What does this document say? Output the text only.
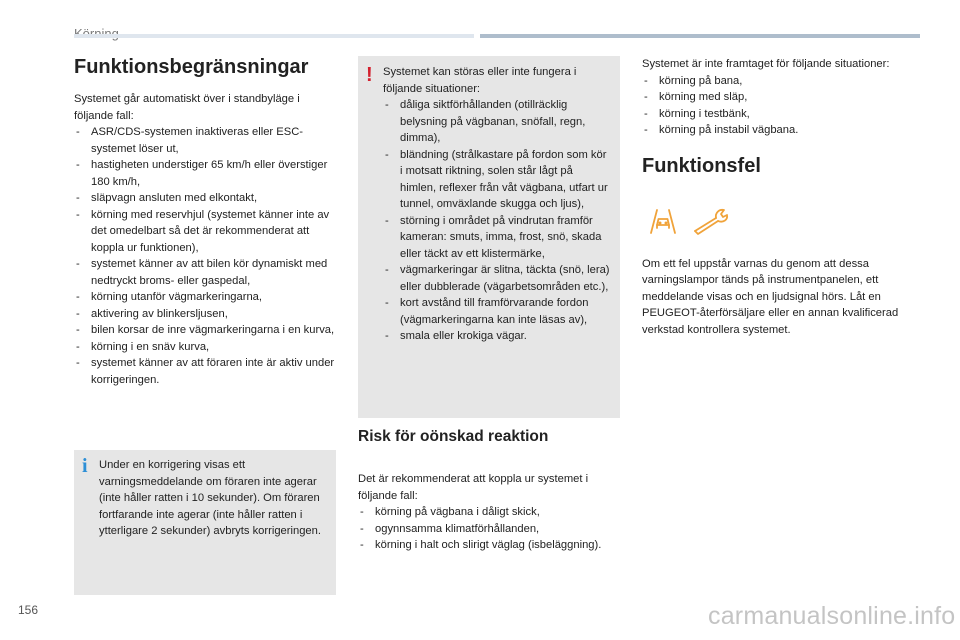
Funktionsbegränsningar

Systemet går automatiskt över i standbyläge i följande fall:

- ASR/CDS-systemen inaktiveras eller ESC-systemet löser ut,
- hastigheten understiger 65 km/h eller överstiger 180 km/h,
- släpvagn ansluten med elkontakt,
- körning med reservhjul (systemet känner inte av det omedelbart så det är rekommenderat att koppla ur funktionen),
- systemet känner av att bilen kör dynamiskt med nedtryckt broms- eller gaspedal,
- körning utanför vägmarkeringarna,
- aktivering av blinkersljusen,
- bilen korsar de inre vägmarkeringarna i en kurva,
- körning i en snäv kurva,
- systemet känner av att föraren inte är aktiv under korrigeringen.
i Under en korrigering visas ett varningsmeddelande om föraren inte agerar (inte håller ratten i 10 sekunder). Om föraren fortfarande inte agerar (inte håller ratten i ytterligare 2 sekunder) avbryts korrigeringen.

! Systemet kan störas eller inte fungera i följande situationer:

- dåliga siktförhållanden (otillräcklig belysning på vägbanan, snöfall, regn, dimma),
- bländning (strålkastare på fordon som kör i motsatt riktning, solen står lågt på himlen, reflexer från våt vägbana, utfart ur tunnel, omväxlande skugga och ljus),
- störning i området på vindrutan framför kameran: smuts, imma, frost, snö, skada eller täckt av ett klistermärke,
- vägmarkeringar är slitna, täckta (snö, lera) eller dubblerade (vägarbetsområden etc.),
- kort avstånd till framförvarande fordon (vägmarkeringarna kan inte läsas av),
- smala eller krokiga vägar.
Risk för oönskad reaktion

Det är rekommenderat att koppla ur systemet i följande fall:

- körning på vägbana i dåligt skick,
- ogynnsamma klimatförhållanden,
- körning i halt och slirigt väglag (isbeläggning).

Systemet är inte framtaget för följande situationer:

- körning på bana,
- körning med släp,
- körning i testbänk,
- körning på instabil vägbana.
Funktionsfel

Om ett fel uppstår varnas du genom att dessa varningslampor tänds på instrumentpanelen, ett meddelande visas och en ljudsignal hörs. Låt en PEUGEOT-återförsäljare eller en annan kvalificerad verkstad kontrollera systemet.

156	carmanualsonline.info
